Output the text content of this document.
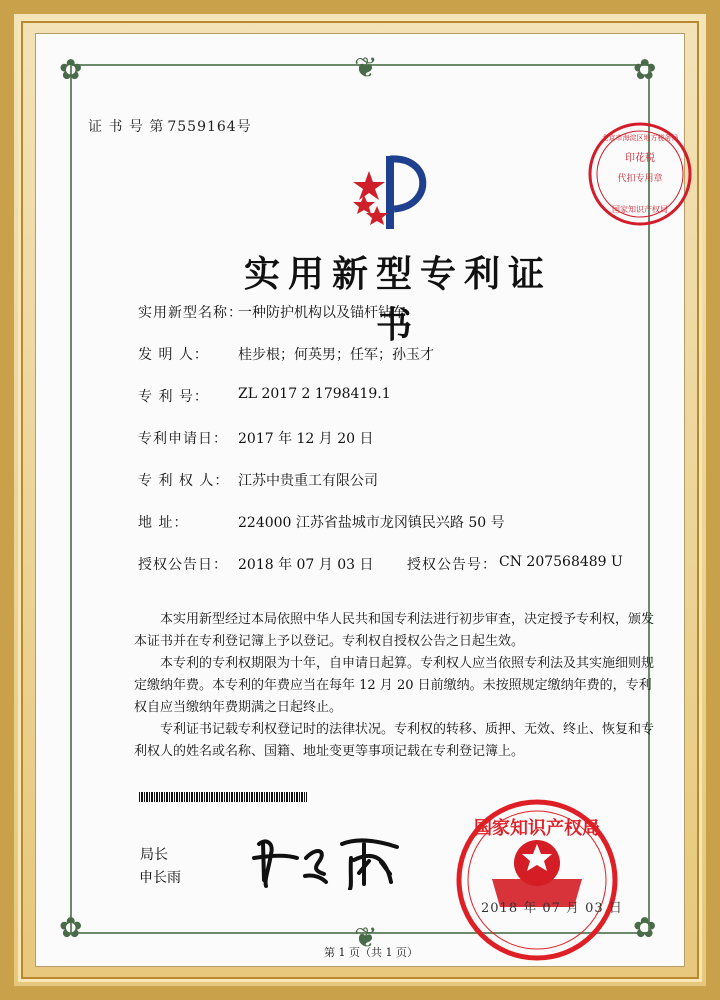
❦
❦
✿	✿
✿	✿
证 书 号 第 7559164号
实用新型专利证书
实用新型名称：
一种防护机构以及锚杆钻车
发 明 人： 桂步根；何英男；任军；孙玉才
专 利 号： ZL 2017 2 1798419.1
专利申请日： 2017 年 12 月 20 日
专 利 权 人： 江苏中贵重工有限公司
地 址：	224000 江苏省盐城市龙冈镇民兴路 50 号
授权公告日： 2018 年 07 月 03 日 授权公告号： CN 207568489 U

本实用新型经过本局依照中华人民共和国专利法进行初步审查，决定授予专利权，颁发本证书并在专利登记簿上予以登记。专利权自授权公告之日起生效。

本专利的专利权期限为十年，自申请日起算。专利权人应当依照专利法及其实施细则规定缴纳年费。本专利的年费应当在每年 12 月 20 日前缴纳。未按照规定缴纳年费的，专利权自应当缴纳年费期满之日起终止。

专利证书记载专利权登记时的法律状况。专利权的转移、质押、无效、终止、恢复和专利权人的姓名或名称、国籍、地址变更等事项记载在专利登记簿上。

局长
申长雨
印花税
代扣专用章
北京市海淀区地方税务局
国家知识产权局
国家知识产权局
2018 年 07 月 03 日
第 1 页（共 1 页）
